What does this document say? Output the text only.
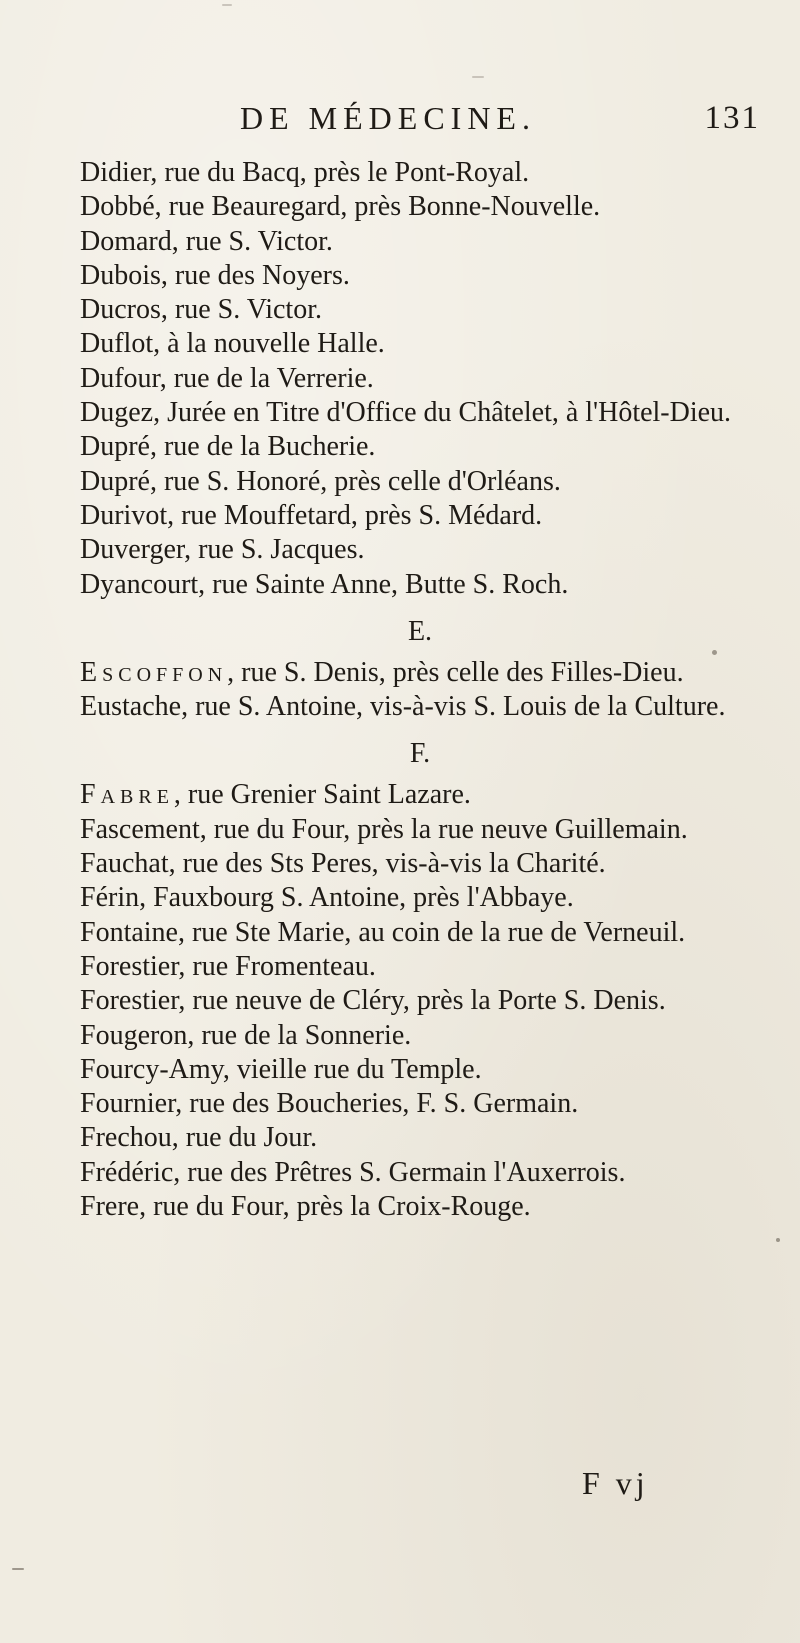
DE MÉDECINE.	131

Didier, rue du Bacq, près le Pont-Royal.

Dobbé, rue Beauregard, près Bonne-Nouvelle.

Domard, rue S. Victor.

Dubois, rue des Noyers.

Ducros, rue S. Victor.

Duflot, à la nouvelle Halle.

Dufour, rue de la Verrerie.

Dugez, Jurée en Titre d'Office du Châtelet, à l'Hôtel-Dieu.

Dupré, rue de la Bucherie.

Dupré, rue S. Honoré, près celle d'Orléans.

Durivot, rue Mouffetard, près S. Médard.

Duverger, rue S. Jacques.

Dyancourt, rue Sainte Anne, Butte S. Roch.

E.

Escoffon, rue S. Denis, près celle des Filles-Dieu.

Eustache, rue S. Antoine, vis-à-vis S. Louis de la Culture.

F.

Fabre, rue Grenier Saint Lazare.

Fascement, rue du Four, près la rue neuve Guillemain.

Fauchat, rue des Sts Peres, vis-à-vis la Charité.

Férin, Fauxbourg S. Antoine, près l'Abbaye.

Fontaine, rue Ste Marie, au coin de la rue de Verneuil.

Forestier, rue Fromenteau.

Forestier, rue neuve de Cléry, près la Porte S. Denis.

Fougeron, rue de la Sonnerie.

Fourcy-Amy, vieille rue du Temple.

Fournier, rue des Boucheries, F. S. Germain.

Frechou, rue du Jour.

Frédéric, rue des Prêtres S. Germain l'Auxerrois.

Frere, rue du Four, près la Croix-Rouge.

F vj
